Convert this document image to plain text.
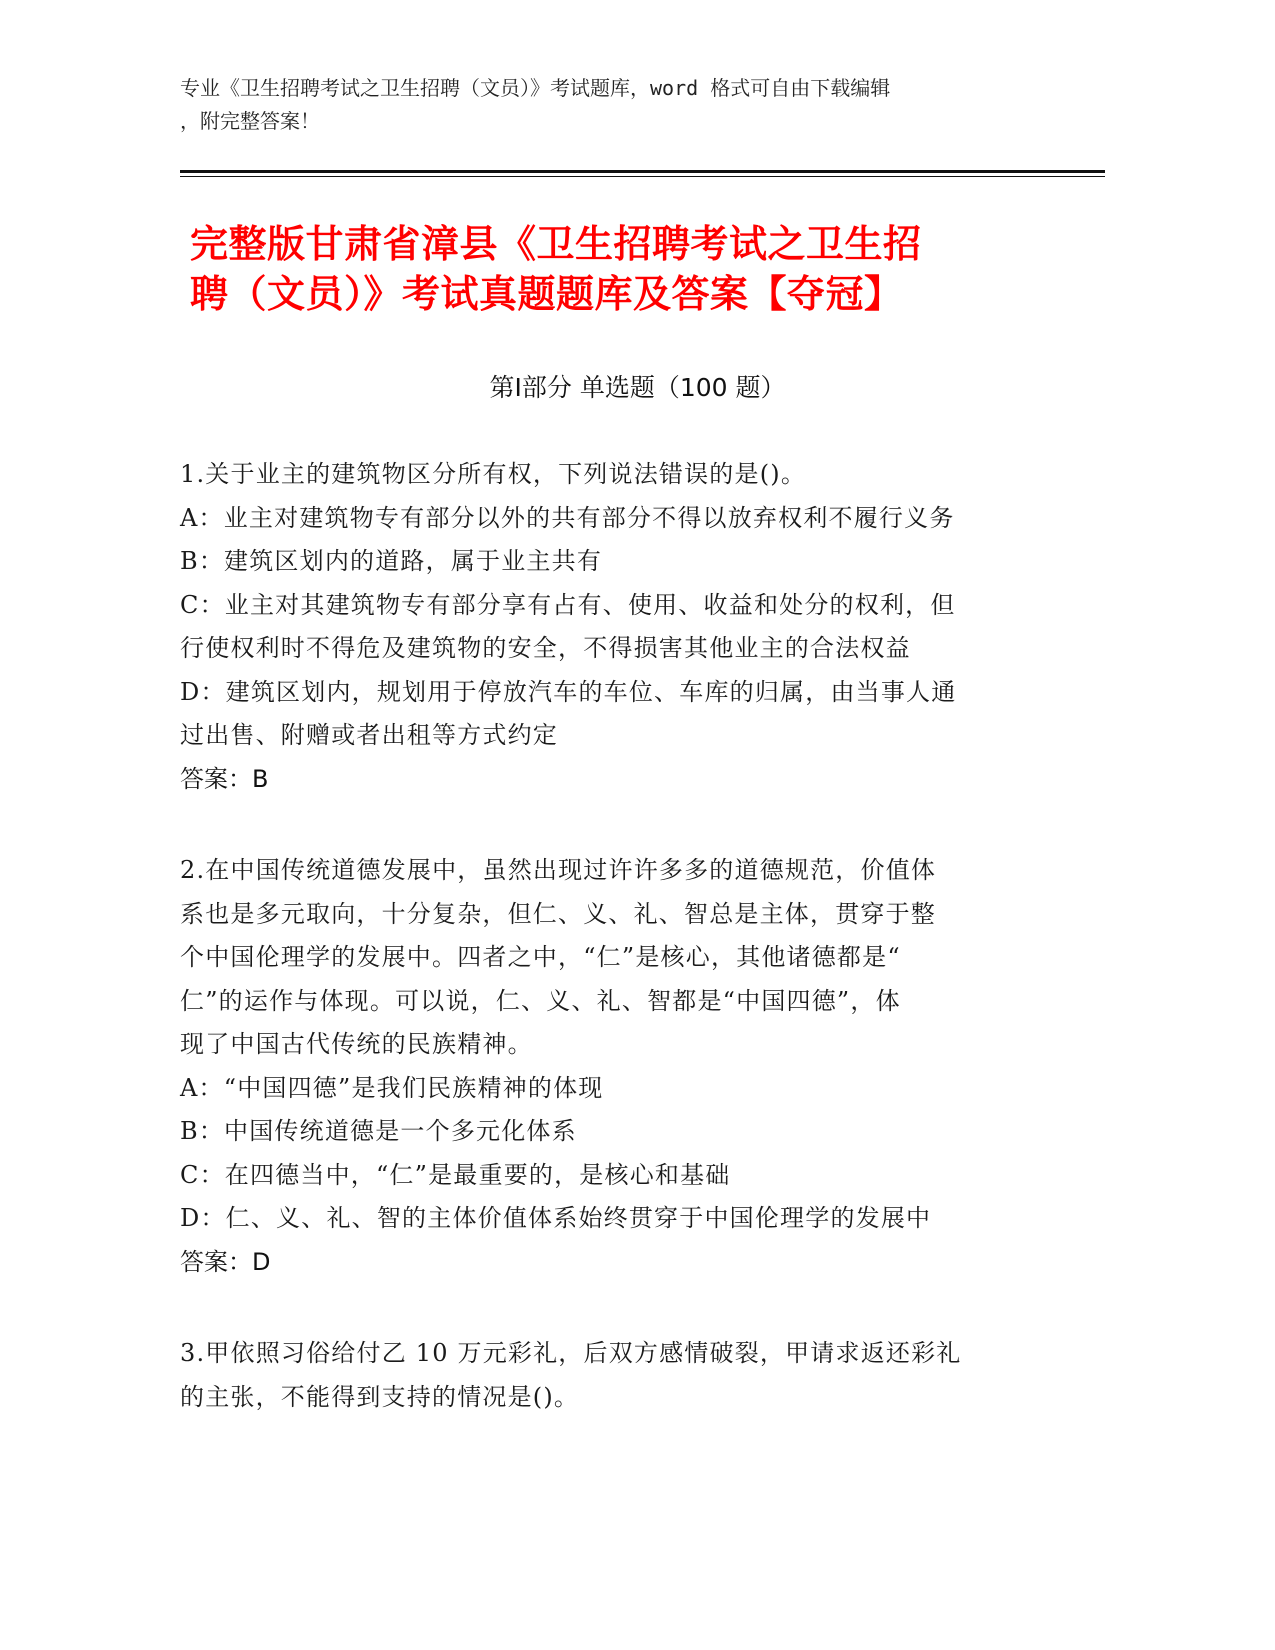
专业《卫生招聘考试之卫生招聘（文员）》考试题库，word 格式可自由下载编辑
，附完整答案！
完整版甘肃省漳县《卫生招聘考试之卫生招
聘（文员）》考试真题题库及答案【夺冠】
第Ⅰ部分 单选题（100 题）

1.关于业主的建筑物区分所有权，下列说法错误的是()。

A：业主对建筑物专有部分以外的共有部分不得以放弃权利不履行义务

B：建筑区划内的道路，属于业主共有

C：业主对其建筑物专有部分享有占有、使用、收益和处分的权利，但

行使权利时不得危及建筑物的安全，不得损害其他业主的合法权益

D：建筑区划内，规划用于停放汽车的车位、车库的归属，由当事人通

过出售、附赠或者出租等方式约定

答案：B

2.在中国传统道德发展中，虽然出现过许许多多的道德规范，价值体

系也是多元取向，十分复杂，但仁、义、礼、智总是主体，贯穿于整

个中国伦理学的发展中。四者之中，“仁”是核心，其他诸德都是“

仁”的运作与体现。可以说，仁、义、礼、智都是“中国四德”，体

现了中国古代传统的民族精神。

A：“中国四德”是我们民族精神的体现

B：中国传统道德是一个多元化体系

C：在四德当中，“仁”是最重要的，是核心和基础

D：仁、义、礼、智的主体价值体系始终贯穿于中国伦理学的发展中

答案：D

3.甲依照习俗给付乙 10 万元彩礼，后双方感情破裂，甲请求返还彩礼

的主张，不能得到支持的情况是()。
